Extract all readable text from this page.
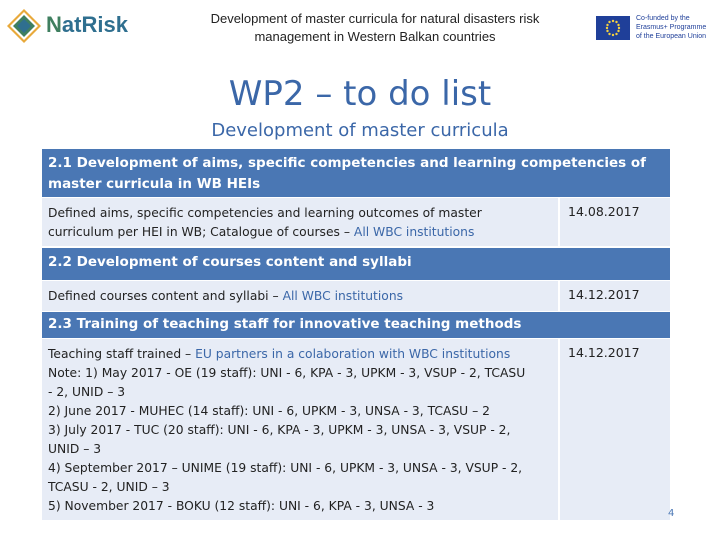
NatRisk	Development of master curricula for natural disasters risk
management in Western Balkan countries
Co-funded by the
Erasmus+ Programme
of the European Union
WP2 – to do list
Development of master curricula
2.1 Development of aims, specific competencies and learning competencies of master curricula in WB HEIs
Defined aims, specific competencies and learning outcomes of master curriculum per HEI in WB; Catalogue of courses – All WBC institutions
14.08.2017
2.2 Development of courses content and syllabi
Defined courses content and syllabi – All WBC institutions	14.12.2017
2.3 Training of teaching staff for innovative teaching methods
Teaching staff trained – EU partners in a colaboration with WBC institutions
Note: 1) May 2017 - OE (19 staff): UNI - 6, KPA - 3, UPKM - 3, VSUP - 2, TCASU
- 2, UNID – 3
2) June 2017 - MUHEC (14 staff): UNI - 6, UPKM - 3, UNSA - 3, TCASU – 2
3) July 2017 - TUC (20 staff): UNI - 6, KPA - 3, UPKM - 3, UNSA - 3, VSUP - 2,
UNID – 3
4) September 2017 – UNIME (19 staff): UNI - 6, UPKM - 3, UNSA - 3, VSUP - 2,
TCASU - 2, UNID – 3
5) November 2017 - BOKU (12 staff): UNI - 6, KPA - 3, UNSA - 3
14.12.2017
4
